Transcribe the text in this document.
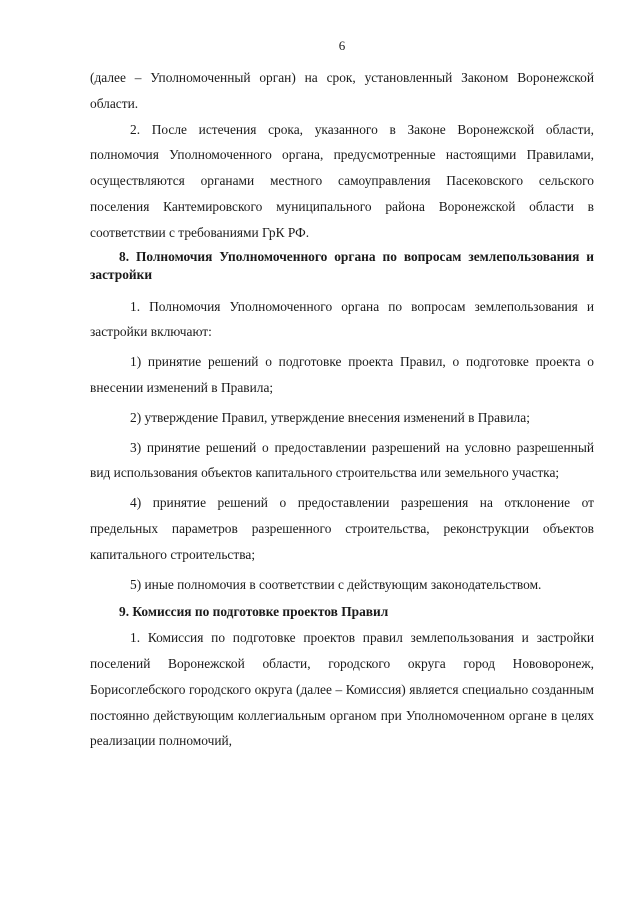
6

(далее – Уполномоченный орган) на срок, установленный Законом Воронежской области.

2. После истечения срока, указанного в Законе Воронежской области, полномочия Уполномоченного органа, предусмотренные настоящими Правилами, осуществляются органами местного самоуправления Пасековского сельского поселения Кантемировского муниципального района Воронежской области в соответствии с требованиями ГрК РФ.

8. Полномочия Уполномоченного органа по вопросам землепользования и застройки

1. Полномочия Уполномоченного органа по вопросам землепользования и застройки включают:

1) принятие решений о подготовке проекта Правил, о подготовке проекта о внесении изменений в Правила;

2) утверждение Правил, утверждение внесения изменений в Правила;

3) принятие решений о предоставлении разрешений на условно разрешенный вид использования объектов капитального строительства или земельного участка;

4) принятие решений о предоставлении разрешения на отклонение от предельных параметров разрешенного строительства, реконструкции объектов капитального строительства;

5) иные полномочия в соответствии с действующим законодательством.

9. Комиссия по подготовке проектов Правил

1. Комиссия по подготовке проектов правил землепользования и застройки поселений Воронежской области, городского округа город Нововоронеж, Борисоглебского городского округа (далее – Комиссия) является специально созданным постоянно действующим коллегиальным органом при Уполномоченном органе в целях реализации полномочий,
